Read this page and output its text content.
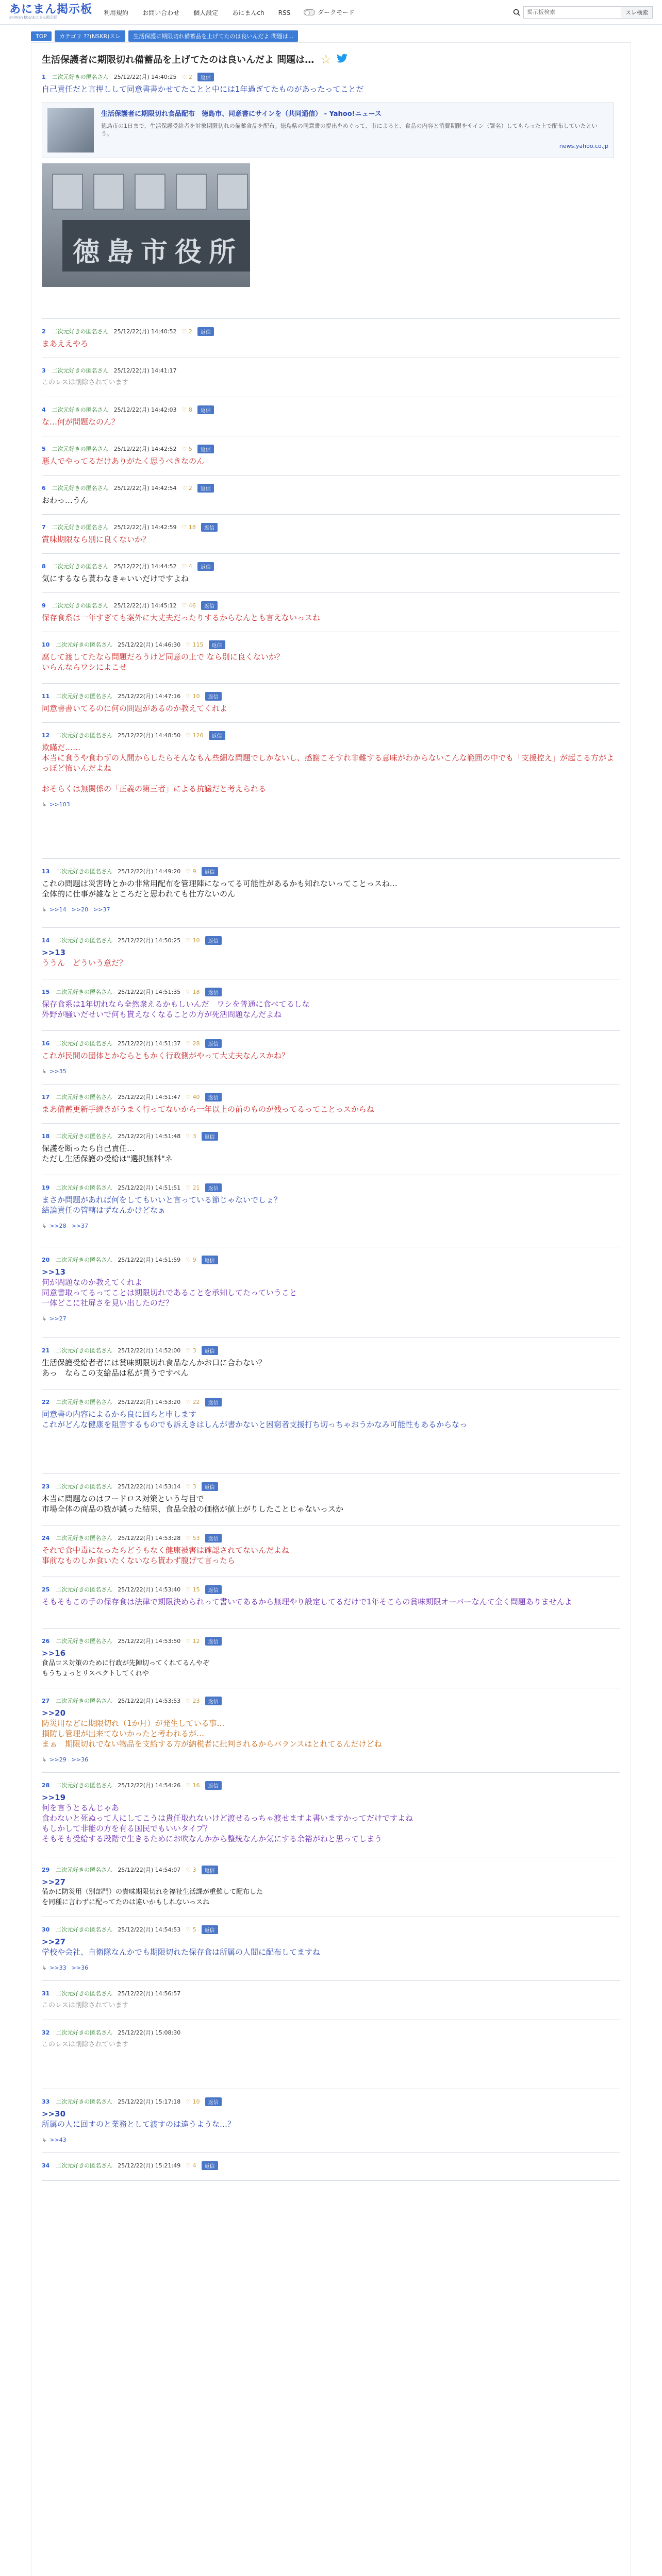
あにまん掲示板
animan bbs/あにまん掲示板
利用規約 お問い合わせ 個人設定 あにまんch RSS	ダークモード
掲示板検索	スレ検索
TOP	カテゴリ ??(NSKR)スレ	生活保護に期限切れ備蓄品を上げてたのは良いんだよ 問題は...
生活保護者に期限切れ備蓄品を上げてたのは良いんだよ 問題は… ☆
1 二次元好きの匿名さん 25/12/22(月) 14:40:25 ♡ 2	返信
自己責任だと言押しして同意書書かせてたことと中には1年過ぎてたものがあったってことだ
生活保護者に期限切れ食品配布　徳島市、同意書にサインを（共同通信） - Yahoo!ニュース
徳島市の1日まで、生活保護受給者を対象期限切れの備蓄食品を配布。徳島県の同意書の提出をめぐって、市によると、食品の内容と消費期限をサイン（署名）してもらった上で配布していたという。
news.yahoo.co.jp
徳島市役所
2 二次元好きの匿名さん 25/12/22(月) 14:40:52 ♡ 2	返信
まあええやろ
3 二次元好きの匿名さん 25/12/22(月) 14:41:17
このレスは削除されています
4 二次元好きの匿名さん 25/12/22(月) 14:42:03 ♡ 8	返信
な…何が問題なのん？
5 二次元好きの匿名さん 25/12/22(月) 14:42:52 ♡ 5	返信
悪人でやってるだけありがたく思うべきなのん
6 二次元好きの匿名さん 25/12/22(月) 14:42:54 ♡ 2	返信
おわっ…うん
7 二次元好きの匿名さん 25/12/22(月) 14:42:59 ♡ 18	返信
賞味期限なら別に良くないか？
8 二次元好きの匿名さん 25/12/22(月) 14:44:52 ♡ 4	返信
気にするなら貰わなきゃいいだけですよね
9 二次元好きの匿名さん 25/12/22(月) 14:45:12 ♡ 46	返信
保存食系は一年すぎても案外に大丈夫だったりするからなんとも言えないっスね
10 二次元好きの匿名さん 25/12/22(月) 14:46:30 ♡ 115	返信
腐して渡してたなら問題だろうけど同意の上で なら別に良くないか？
いらんならワシによこせ
11 二次元好きの匿名さん 25/12/22(月) 14:47:16 ♡ 10	返信
同意書書いてるのに何の問題があるのか教えてくれよ
12 二次元好きの匿名さん 25/12/22(月) 14:48:50 ♡ 126	返信
欺瞞だ……
本当に食うや食わずの人間からしたらそんなもん些細な問題でしかないし、感謝こそすれ非難する意味がわからないこんな範囲の中でも「支援控え」が起こる方がよっぽど怖いんだよね
おそらくは無関係の「正義の第三者」による抗議だと考えられる
↳ >>103
13 二次元好きの匿名さん 25/12/22(月) 14:49:20 ♡ 9	返信
これの問題は災害時とかの非常用配布を管理陣になってる可能性があるかも知れないってことっスね…
全体的に仕事が雑なところだと思われても仕方ないのん
↳ >>14 >>20 >>37
14 二次元好きの匿名さん 25/12/22(月) 14:50:25 ♡ 10	返信
>>13
ううん　どういう意だ？
15 二次元好きの匿名さん 25/12/22(月) 14:51:35 ♡ 18	返信
保存食系は1年切れなら全然衆えるかもしいんだ　ワシを普通に食べてるしな
外野が騒いだせいで何も貰えなくなることの方が死活問題なんだよね
16 二次元好きの匿名さん 25/12/22(月) 14:51:37 ♡ 28	返信
これが民間の団体とかならともかく行政側がやって大丈夫なんスかね？
↳ >>35
17 二次元好きの匿名さん 25/12/22(月) 14:51:47 ♡ 40	返信
まあ備蓄更新手続きがうまく行ってないから一年以上の前のものが残ってるってことっスからね
18 二次元好きの匿名さん 25/12/22(月) 14:51:48 ♡ 3	返信
保護を断ったら自己責任…
ただし生活保護の受給は"選択無料"ネ
19 二次元好きの匿名さん 25/12/22(月) 14:51:51 ♡ 21	返信
まさか問題があれば何をしてもいいと言っている節じゃないでしょ？
結論責任の管轄はずなんかけどなぁ
↳ >>28 >>37
20 二次元好きの匿名さん 25/12/22(月) 14:51:59 ♡ 9	返信
>>13
何が問題なのか教えてくれよ
同意書取ってるってことは期限切れであることを承知してたっていうこと
一体どこに社屏さを見い出したのだ？
↳ >>27
21 二次元好きの匿名さん 25/12/22(月) 14:52:00 ♡ 3	返信
生活保護受給者者には賞味期限切れ食品なんかお口に合わない？
あっ　ならこの支給品は私が貰うですぺん
22 二次元好きの匿名さん 25/12/22(月) 14:53:20 ♡ 22	返信
同意書の内容によるから良に回らと申します
これがどんな健康を阻害するものでも訴えきはしんが書かないと困窮者支援打ち切っちゃおうかなみ可能性もあるからなっ
23 二次元好きの匿名さん 25/12/22(月) 14:53:14 ♡ 3	返信
本当に問題なのはフードロス対策という与目で
市場全体の商品の数が減った結果、食品全般の価格が値上がりしたことじゃないっスか
24 二次元好きの匿名さん 25/12/22(月) 14:53:28 ♡ 53	返信
それで食中毒になったらどうもなく健康被害は確認されてないんだよね
事前なものしか食いたくないなら貰わず腹げて言ったら
25 二次元好きの匿名さん 25/12/22(月) 14:53:40 ♡ 15	返信
そもそもこの手の保存食は法律で期限決められって書いてあるから無理やり設定してるだけで1年そこらの賞味期限オーバーなんて全く問題ありませんよ
26 二次元好きの匿名さん 25/12/22(月) 14:53:50 ♡ 12	返信
>>16
食品ロス対策のために行政が先陣切ってくれてるんやぞ
もうちょっとリスペクトしてくれや
27 二次元好きの匿名さん 25/12/22(月) 14:53:53 ♡ 23	返信
>>20
防災用などに期限切れ（1か月）が発生している事…
損防し管理が出来てないかったと考われるが…
まぁ　期限切れでない物品を支給する方が納税者に批判されるからバランスはとれてるんだけどね
↳ >>29 >>36
28 二次元好きの匿名さん 25/12/22(月) 14:54:26 ♡ 16	返信
>>19
何を言うとるんじゃあ
食わないと死ぬって人にしてこうは貴任取れないけど渡せるっちゃ渡せますよ書いますかってだけですよね
もしかして非能の方を有る国民でもいいタイプ？
そもそも受給する段階で生きるためにお吹なんかから整統なんか気にする余裕がねと思ってしまう
29 二次元好きの匿名さん 25/12/22(月) 14:54:07 ♡ 3	返信
>>27
備かに防災用（別部門）の貴味期限切れを福祉生活課が重難して配布した
を同種に言わずに配ってたのは違いかもしれないっスね
30 二次元好きの匿名さん 25/12/22(月) 14:54:53 ♡ 5	返信
>>27
学校や会社、自衛隊なんかでも期限切れた保存食は所属の人間に配布してますね
↳ >>33 >>36
31 二次元好きの匿名さん 25/12/22(月) 14:56:57
このレスは削除されています
32 二次元好きの匿名さん 25/12/22(月) 15:08:30
このレスは削除されています
33 二次元好きの匿名さん 25/12/22(月) 15:17:18 ♡ 10	返信
>>30
所属の人に回すのと業務として渡すのは違うような…？
↳ >>43
34 二次元好きの匿名さん 25/12/22(月) 15:21:49 ♡ 4	返信
